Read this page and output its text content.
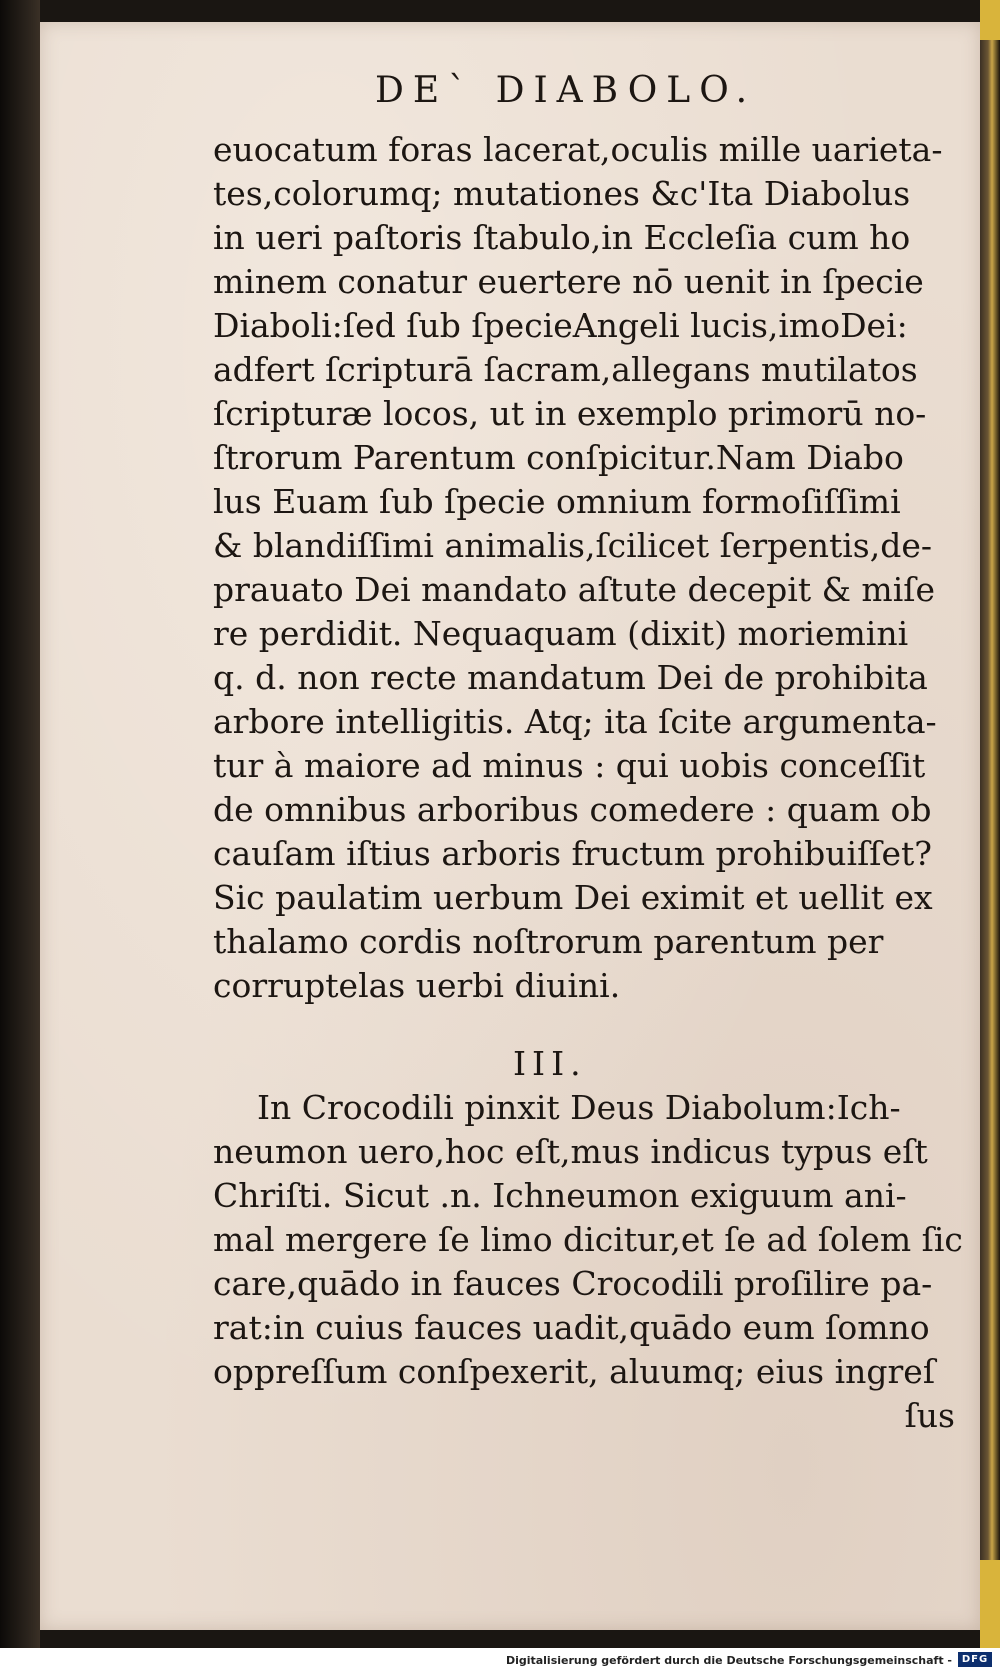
DE` DIABOLO.
euocatum foras lacerat,oculis mille uarieta-
tes,colorumq; mutationes &c'Ita Diabolus
in ueri paſtoris ſtabulo,in Eccleſia cum ho
minem conatur euertere nō uenit in ſpecie
Diaboli:ſed ſub ſpecieAngeli lucis,imoDei:
adfert ſcripturā ſacram,allegans mutilatos
ſcripturæ locos, ut in exemplo primorū no-
ſtrorum Parentum conſpicitur.Nam Diabo
lus Euam ſub ſpecie omnium formoſiſſimi
& blandiſſimi animalis,ſcilicet ſerpentis,de-
prauato Dei mandato aſtute decepit & miſe
re perdidit. Nequaquam (dixit) moriemini
q. d. non recte mandatum Dei de prohibita
arbore intelligitis. Atq; ita ſcite argumenta-
tur à maiore ad minus : qui uobis conceſſit
de omnibus arboribus comedere : quam ob
cauſam iſtius arboris fructum prohibuiſſet?
Sic paulatim uerbum Dei eximit et uellit ex
thalamo cordis noſtrorum parentum per
corruptelas uerbi diuini.
III.
In Crocodili pinxit Deus Diabolum:Ich-
neumon uero,hoc eſt,mus indicus typus eſt
Chriſti. Sicut .n. Ichneumon exiguum ani-
mal mergere ſe limo dicitur,et ſe ad ſolem ſic
care,quādo in fauces Crocodili proſilire pa-
rat:in cuius fauces uadit,quādo eum ſomno
oppreſſum conſpexerit, aluumq; eius ingreſ
ſus
Digitalisierung gefördert durch die Deutsche Forschungsgemeinschaft - DFG
